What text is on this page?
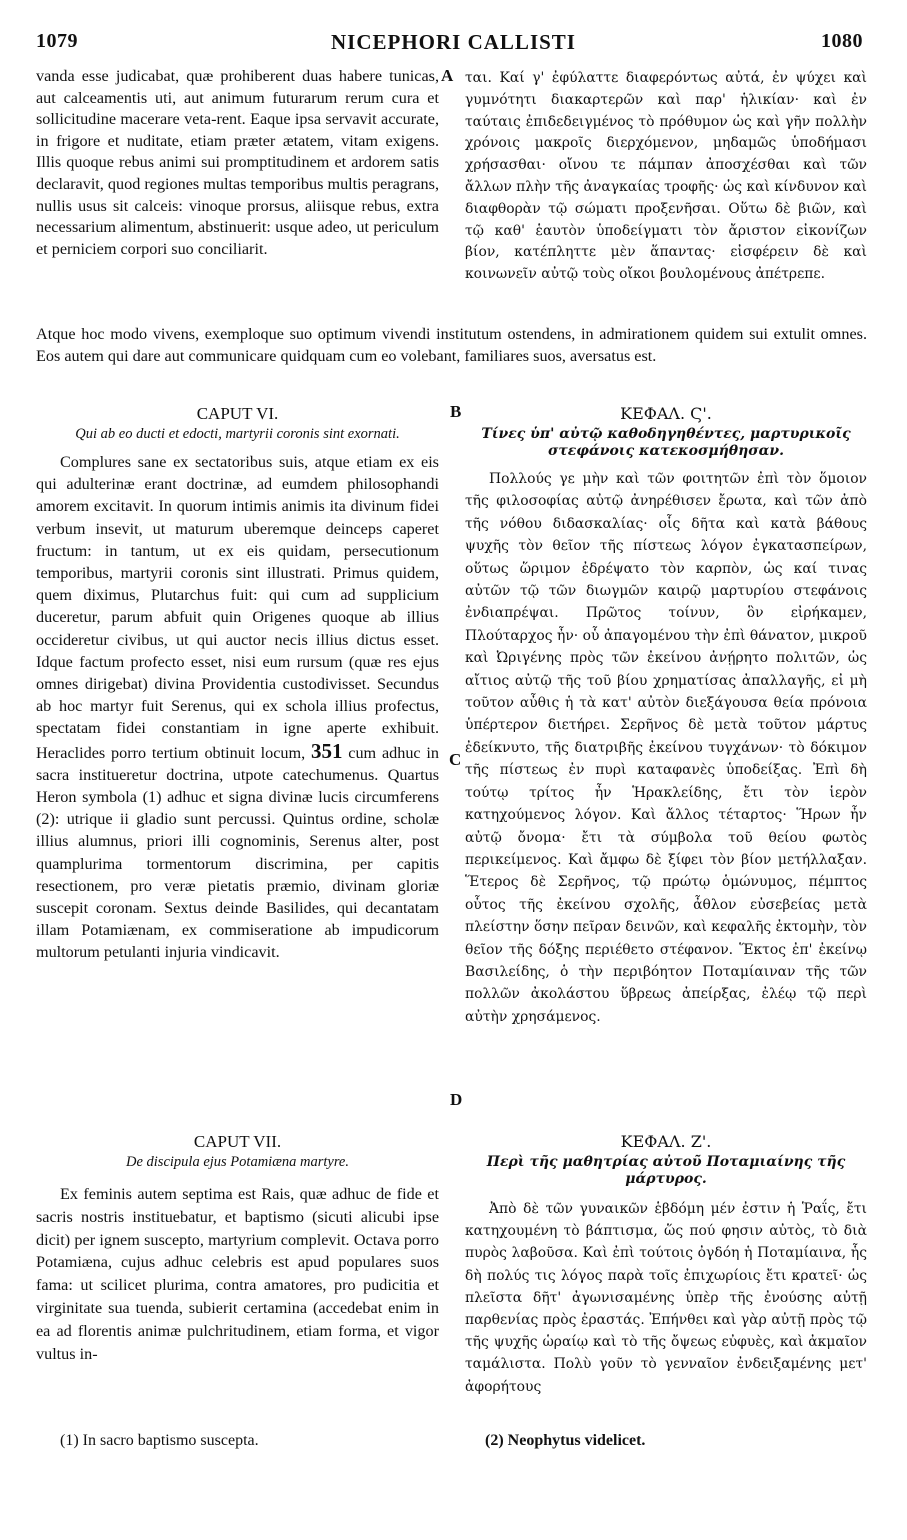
1079	NICEPHORI CALLISTI	1080
A
B
C
D

vanda esse judicabat, quæ prohiberent duas habere tunicas, aut calceamentis uti, aut animum futurarum rerum cura et sollicitudine macerare veta-rent. Eaque ipsa servavit accurate, in frigore et nuditate, etiam præter ætatem, vitam exigens. Illis quoque rebus animi sui promptitudinem et ardorem satis declaravit, quod regiones multas temporibus multis peragrans, nullis usus sit calceis: vinoque prorsus, aliisque rebus, extra necessarium alimentum, abstinuerit: usque adeo, ut periculum et perniciem corpori suo conciliarit.

ται. Καί γ' ἐφύλαττε διαφερόντως αὐτά, ἐν ψύχει καὶ γυμνότητι διακαρτερῶν καὶ παρ' ἡλικίαν· καὶ ἐν ταύταις ἐπιδεδειγμένος τὸ πρόθυμον ὡς καὶ γῆν πολλὴν χρόνοις μακροῖς διερχόμενον, μηδαμῶς ὑποδήμασι χρήσασθαι· οἴνου τε πάμπαν ἀποσχέσθαι καὶ τῶν ἄλλων πλὴν τῆς ἀναγκαίας τροφῆς· ὡς καὶ κίνδυνον καὶ διαφθορὰν τῷ σώματι προξενῆσαι. Οὕτω δὲ βιῶν, καὶ τῷ καθ' ἑαυτὸν ὑποδείγματι τὸν ἄριστον εἰκονίζων βίον, κατέπληττε μὲν ἅπαντας· εἰσφέρειν δὲ καὶ κοινωνεῖν αὐτῷ τοὺς οἴκοι βουλομένους ἀπέτρεπε.

Atque hoc modo vivens, exemploque suo optimum vivendi institutum ostendens, in admirationem quidem sui extulit omnes. Eos autem qui dare aut communicare quidquam cum eo volebant, familiares suos, aversatus est.
CAPUT VI.
Qui ab eo ducti et edocti, martyrii coronis sint exornati.

Complures sane ex sectatoribus suis, atque etiam ex eis qui adulterinæ erant doctrinæ, ad eumdem philosophandi amorem excitavit. In quorum intimis animis ita divinum fidei verbum insevit, ut maturum uberemque deinceps caperet fructum: in tantum, ut ex eis quidam, persecutionum temporibus, martyrii coronis sint illustrati. Primus quidem, quem diximus, Plutarchus fuit: qui cum ad supplicium duceretur, parum abfuit quin Origenes quoque ab illius occideretur civibus, ut qui auctor necis illius dictus esset. Idque factum profecto esset, nisi eum rursum (quæ res ejus omnes dirigebat) divina Providentia custodivisset. Secundus ab hoc martyr fuit Serenus, qui ex schola illius profectus, spectatam fidei constantiam in igne aperte exhibuit. Heraclides porro tertium obtinuit locum, 351 cum adhuc in sacra institueretur doctrina, utpote catechumenus. Quartus Heron symbola (1) adhuc et signa divinæ lucis circumferens (2): utrique ii gladio sunt percussi. Quintus ordine, scholæ illius alumnus, priori illi cognominis, Serenus alter, post quamplurima tormentorum discrimina, per capitis resectionem, pro veræ pietatis præmio, divinam gloriæ suscepit coronam. Sextus deinde Basilides, qui decantatam illam Potamiænam, ex commiseratione ab impudicorum multorum petulanti injuria vindicavit.

ΚΕΦΑΛ. Ϛ'.
Τίνες ὑπ' αὐτῷ καθοδηγηθέντες, μαρτυρικοῖς στεφάνοις κατεκοσμήθησαν.

Πολλούς γε μὴν καὶ τῶν φοιτητῶν ἐπὶ τὸν ὅμοιον τῆς φιλοσοφίας αὐτῷ ἀνηρέθισεν ἔρωτα, καὶ τῶν ἀπὸ τῆς νόθου διδασκαλίας· οἷς δῆτα καὶ κατὰ βάθους ψυχῆς τὸν θεῖον τῆς πίστεως λόγον ἐγκατασπείρων, οὕτως ὥριμον ἐδρέψατο τὸν καρπὸν, ὡς καί τινας αὐτῶν τῷ τῶν διωγμῶν καιρῷ μαρτυρίου στεφάνοις ἐνδιαπρέψαι. Πρῶτος τοίνυν, ὃν εἰρήκαμεν, Πλούταρχος ἦν· οὗ ἀπαγομένου τὴν ἐπὶ θάνατον, μικροῦ καὶ Ὠριγένης πρὸς τῶν ἐκείνου ἀνῄρητο πολιτῶν, ὡς αἴτιος αὐτῷ τῆς τοῦ βίου χρηματίσας ἀπαλλαγῆς, εἰ μὴ τοῦτον αὖθις ἡ τὰ κατ' αὐτὸν διεξάγουσα θεία πρόνοια ὑπέρτερον διετήρει. Σερῆνος δὲ μετὰ τοῦτον μάρτυς ἐδείκνυτο, τῆς διατριβῆς ἐκείνου τυγχάνων· τὸ δόκιμον τῆς πίστεως ἐν πυρὶ καταφανὲς ὑποδείξας. Ἐπὶ δὴ τούτῳ τρίτος ἦν Ἡρακλείδης, ἔτι τὸν ἱερὸν κατηχούμενος λόγον. Καὶ ἄλλος τέταρτος· Ἥρων ἦν αὐτῷ ὄνομα· ἔτι τὰ σύμβολα τοῦ θείου φωτὸς περικείμενος. Καὶ ἄμφω δὲ ξίφει τὸν βίον μετήλλαξαν. Ἕτερος δὲ Σερῆνος, τῷ πρώτῳ ὁμώνυμος, πέμπτος οὗτος τῆς ἐκείνου σχολῆς, ἆθλον εὐσεβείας μετὰ πλείστην ὅσην πεῖραν δεινῶν, καὶ κεφαλῆς ἐκτομὴν, τὸν θεῖον τῆς δόξης περιέθετο στέφανον. Ἕκτος ἐπ' ἐκείνῳ Βασιλείδης, ὁ τὴν περιβόητον Ποταμίαιναν τῆς τῶν πολλῶν ἀκολάστου ὕβρεως ἀπείρξας, ἐλέῳ τῷ περὶ αὐτὴν χρησάμενος.

CAPUT VII.
De discipula ejus Potamiæna martyre.

Ex feminis autem septima est Rais, quæ adhuc de fide et sacris nostris instituebatur, et baptismo (sicuti alicubi ipse dicit) per ignem suscepto, martyrium complevit. Octava porro Potamiæna, cujus adhuc celebris est apud populares suos fama: ut scilicet plurima, contra amatores, pro pudicitia et virginitate sua tuenda, subierit certamina (accedebat enim in ea ad florentis animæ pulchritudinem, etiam forma, et vigor vultus in-

ΚΕΦΑΛ. Ζ'.
Περὶ τῆς μαθητρίας αὐτοῦ Ποταμιαίνης τῆς μάρτυρος.

Ἀπὸ δὲ τῶν γυναικῶν ἑβδόμη μέν ἐστιν ἡ Ῥαΐς, ἔτι κατηχουμένη τὸ βάπτισμα, ὥς πού φησιν αὐτὸς, τὸ διὰ πυρὸς λαβοῦσα. Καὶ ἐπὶ τούτοις ὀγδόη ἡ Ποταμίαινα, ἧς δὴ πολύς τις λόγος παρὰ τοῖς ἐπιχωρίοις ἔτι κρατεῖ· ὡς πλεῖστα δῆτ' ἀγωνισαμένης ὑπὲρ τῆς ἐνούσης αὐτῇ παρθενίας πρὸς ἐραστάς. Ἐπήνθει καὶ γὰρ αὐτῇ πρὸς τῷ τῆς ψυχῆς ὡραίῳ καὶ τὸ τῆς ὄψεως εὐφυὲς, καὶ ἀκμαῖον ταμάλιστα. Πολὺ γοῦν τὸ γενναῖον ἐνδειξαμένης μετ' ἀφορήτους

(1) In sacro baptismo suscepta.	(2) Neophytus videlicet.
